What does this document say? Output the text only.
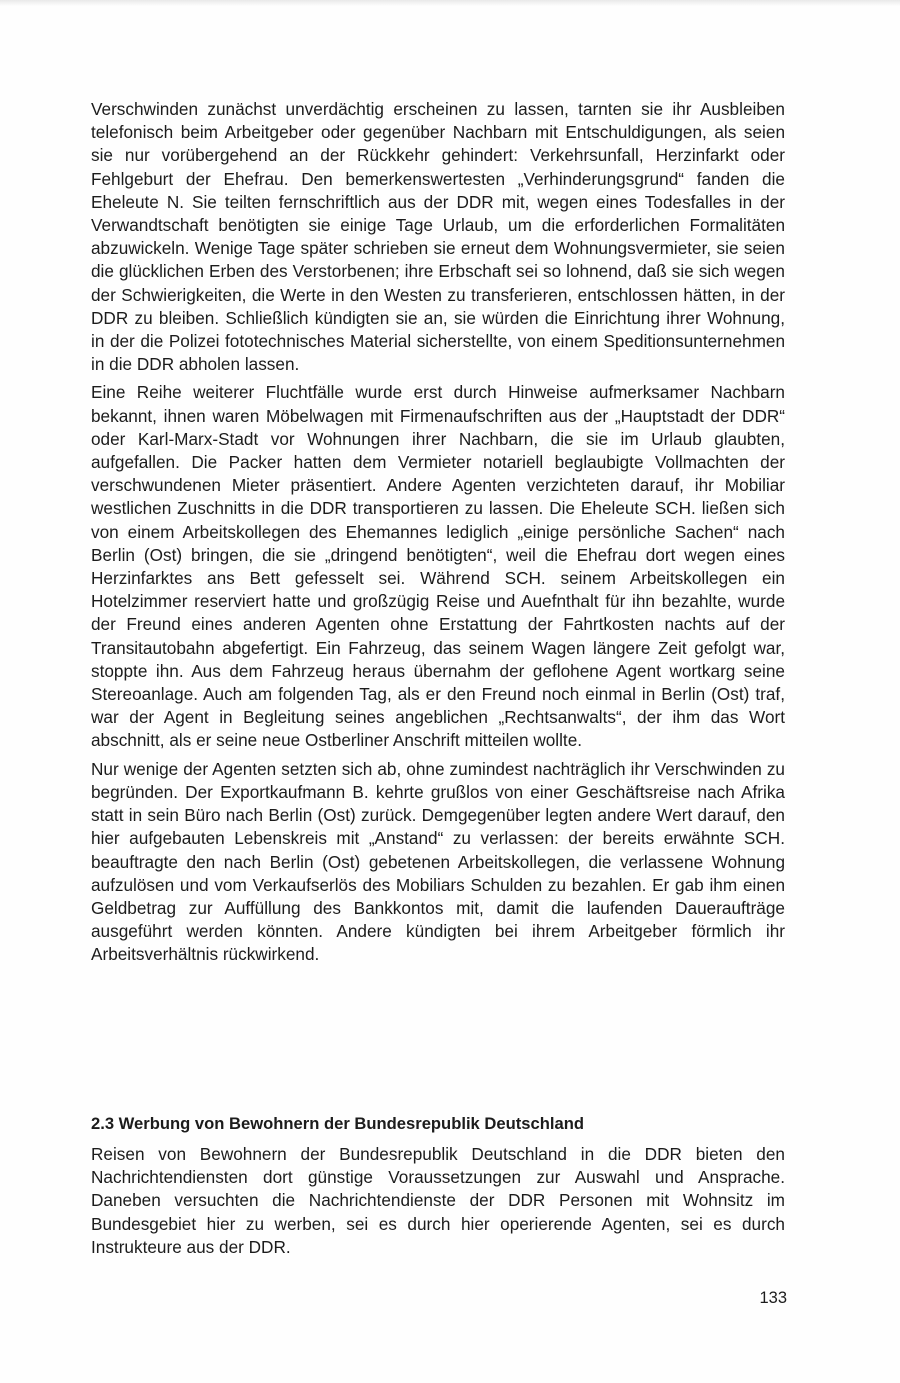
Verschwinden zunächst unverdächtig erscheinen zu lassen, tarnten sie ihr Ausbleiben telefonisch beim Arbeitgeber oder gegenüber Nachbarn mit Entschuldigungen, als seien sie nur vorübergehend an der Rückkehr gehindert: Verkehrsunfall, Herzinfarkt oder Fehlgeburt der Ehefrau. Den bemerkenswertesten „Verhinderungsgrund“ fanden die Eheleute N. Sie teilten fernschriftlich aus der DDR mit, wegen eines Todesfalles in der Verwandtschaft benötigten sie einige Tage Urlaub, um die erforderlichen Formalitäten abzuwickeln. Wenige Tage später schrieben sie erneut dem Wohnungsvermieter, sie seien die glücklichen Erben des Verstorbenen; ihre Erbschaft sei so lohnend, daß sie sich wegen der Schwierigkeiten, die Werte in den Westen zu transferieren, entschlossen hätten, in der DDR zu bleiben. Schließlich kündigten sie an, sie würden die Einrichtung ihrer Wohnung, in der die Polizei fototechnisches Material sicherstellte, von einem Speditionsunternehmen in die DDR abholen lassen.

Eine Reihe weiterer Fluchtfälle wurde erst durch Hinweise aufmerksamer Nachbarn bekannt, ihnen waren Möbelwagen mit Firmenaufschriften aus der „Hauptstadt der DDR“ oder Karl-Marx-Stadt vor Wohnungen ihrer Nachbarn, die sie im Urlaub glaubten, aufgefallen. Die Packer hatten dem Vermieter notariell beglaubigte Vollmachten der verschwundenen Mieter präsentiert. Andere Agenten verzichteten darauf, ihr Mobiliar westlichen Zuschnitts in die DDR transportieren zu lassen. Die Eheleute SCH. ließen sich von einem Arbeitskollegen des Ehemannes lediglich „einige persönliche Sachen“ nach Berlin (Ost) bringen, die sie „dringend benötigten“, weil die Ehefrau dort wegen eines Herzinfarktes ans Bett gefesselt sei. Während SCH. seinem Arbeitskollegen ein Hotelzimmer reserviert hatte und großzügig Reise und Auefnthalt für ihn bezahlte, wurde der Freund eines anderen Agenten ohne Erstattung der Fahrtkosten nachts auf der Transitautobahn abgefertigt. Ein Fahrzeug, das seinem Wagen längere Zeit gefolgt war, stoppte ihn. Aus dem Fahrzeug heraus übernahm der geflohene Agent wortkarg seine Stereoanlage. Auch am folgenden Tag, als er den Freund noch einmal in Berlin (Ost) traf, war der Agent in Begleitung seines angeblichen „Rechtsanwalts“, der ihm das Wort abschnitt, als er seine neue Ostberliner Anschrift mitteilen wollte.

Nur wenige der Agenten setzten sich ab, ohne zumindest nachträglich ihr Verschwinden zu begründen. Der Exportkaufmann B. kehrte grußlos von einer Geschäftsreise nach Afrika statt in sein Büro nach Berlin (Ost) zurück. Demgegenüber legten andere Wert darauf, den hier aufgebauten Lebenskreis mit „Anstand“ zu verlassen: der bereits erwähnte SCH. beauftragte den nach Berlin (Ost) gebetenen Arbeitskollegen, die verlassene Wohnung aufzulösen und vom Verkaufserlös des Mobiliars Schulden zu bezahlen. Er gab ihm einen Geldbetrag zur Auffüllung des Bankkontos mit, damit die laufenden Daueraufträge ausgeführt werden könnten. Andere kündigten bei ihrem Arbeitgeber förmlich ihr Arbeitsverhältnis rückwirkend.

2.3 Werbung von Bewohnern der Bundesrepublik Deutschland

Reisen von Bewohnern der Bundesrepublik Deutschland in die DDR bieten den Nachrichtendiensten dort günstige Voraussetzungen zur Auswahl und Ansprache. Daneben versuchten die Nachrichtendienste der DDR Personen mit Wohnsitz im Bundesgebiet hier zu werben, sei es durch hier operierende Agenten, sei es durch Instrukteure aus der DDR.

133
